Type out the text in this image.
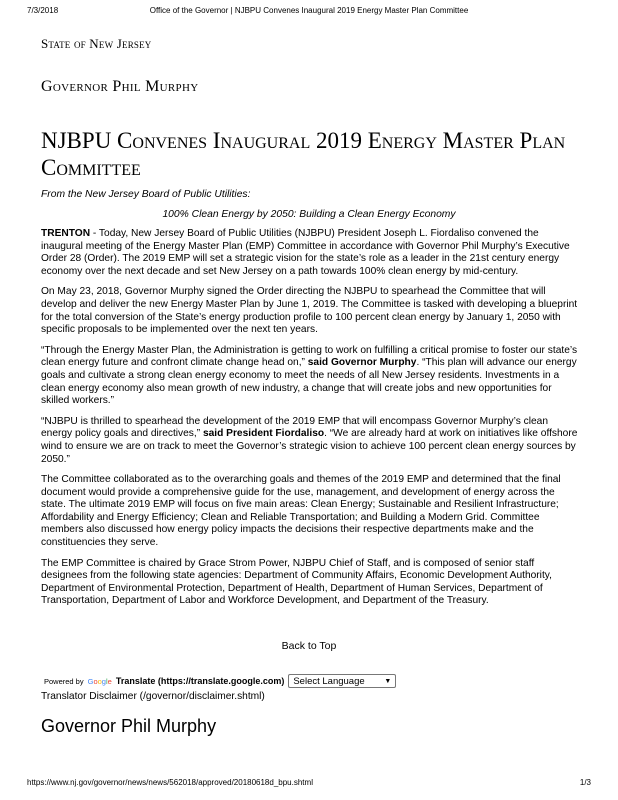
7/3/2018	Office of the Governor | NJBPU Convenes Inaugural 2019 Energy Master Plan Committee
State of New Jersey
Governor Phil Murphy
NJBPU Convenes Inaugural 2019 Energy Master Plan Committee
From the New Jersey Board of Public Utilities:
100% Clean Energy by 2050: Building a Clean Energy Economy

TRENTON - Today, New Jersey Board of Public Utilities (NJBPU) President Joseph L. Fiordaliso convened the inaugural meeting of the Energy Master Plan (EMP) Committee in accordance with Governor Phil Murphy’s Executive Order 28 (Order). The 2019 EMP will set a strategic vision for the state’s role as a leader in the 21st century energy economy over the next decade and set New Jersey on a path towards 100% clean energy by mid-century.

On May 23, 2018, Governor Murphy signed the Order directing the NJBPU to spearhead the Committee that will develop and deliver the new Energy Master Plan by June 1, 2019. The Committee is tasked with developing a blueprint for the total conversion of the State’s energy production profile to 100 percent clean energy by January 1, 2050 with specific proposals to be implemented over the next ten years.

“Through the Energy Master Plan, the Administration is getting to work on fulfilling a critical promise to foster our state’s clean energy future and confront climate change head on,” said Governor Murphy. “This plan will advance our energy goals and cultivate a strong clean energy economy to meet the needs of all New Jersey residents. Investments in a clean energy economy also mean growth of new industry, a change that will create jobs and new opportunities for skilled workers.”

“NJBPU is thrilled to spearhead the development of the 2019 EMP that will encompass Governor Murphy’s clean energy policy goals and directives,” said President Fiordaliso. “We are already hard at work on initiatives like offshore wind to ensure we are on track to meet the Governor’s strategic vision to achieve 100 percent clean energy sources by 2050.”

The Committee collaborated as to the overarching goals and themes of the 2019 EMP and determined that the final document would provide a comprehensive guide for the use, management, and development of energy across the state. The ultimate 2019 EMP will focus on five main areas: Clean Energy; Sustainable and Resilient Infrastructure; Affordability and Energy Efficiency; Clean and Reliable Transportation; and Building a Modern Grid. Committee members also discussed how energy policy impacts the decisions their respective departments make and the constituencies they serve.

The EMP Committee is chaired by Grace Strom Power, NJBPU Chief of Staff, and is composed of senior staff designees from the following state agencies: Department of Community Affairs, Economic Development Authority, Department of Environmental Protection, Department of Health, Department of Human Services, Department of Transportation, Department of Labor and Workforce Development, and Department of the Treasury.

Back to Top
Powered by Google Translate (https://translate.google.com) Select Language	▼
Translator Disclaimer (/governor/disclaimer.shtml)
Governor Phil Murphy
https://www.nj.gov/governor/news/news/562018/approved/20180618d_bpu.shtml	1/3
